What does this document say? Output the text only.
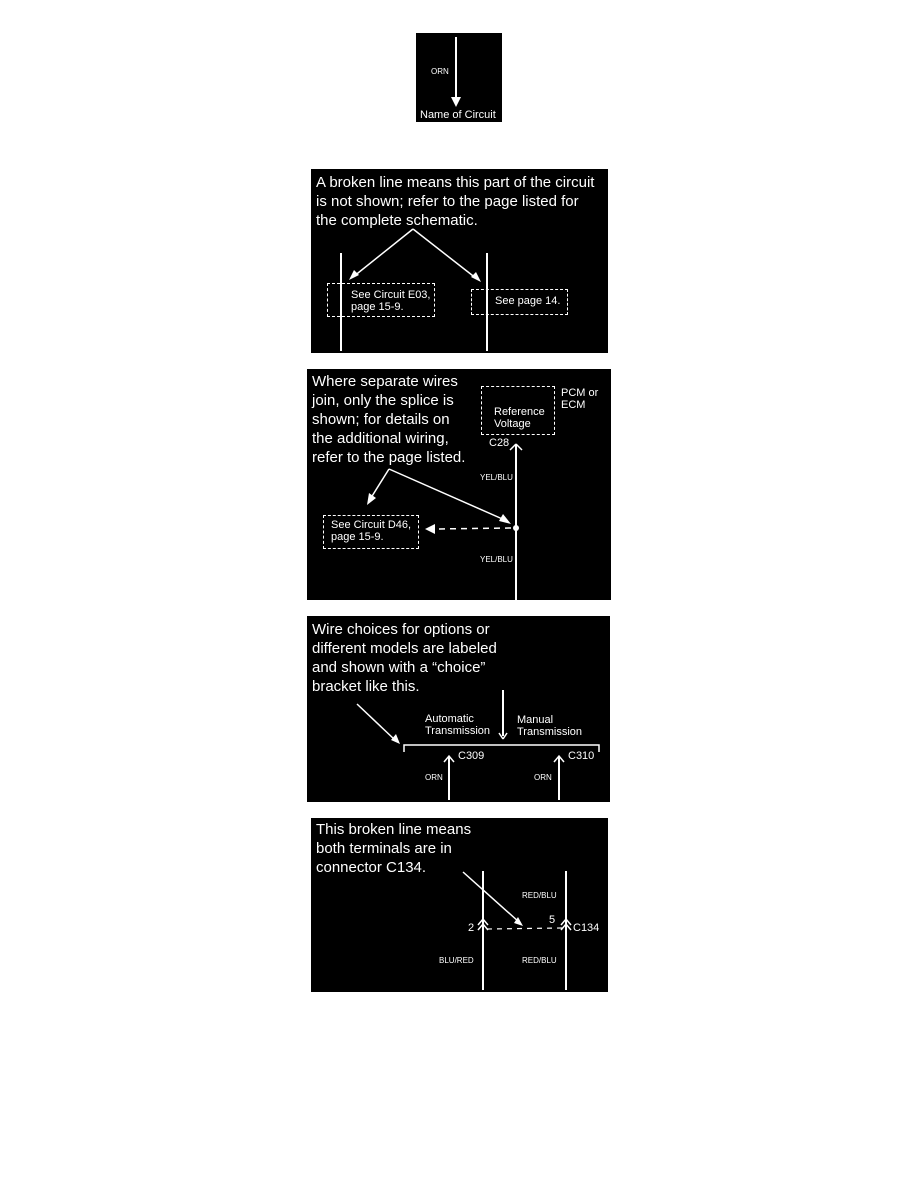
ORN
Name of Circuit

A broken line means this part of the circuit is not shown; refer to the page listed for the complete schematic.

See Circuit E03,
page 15-9.	See page 14.

Where separate wires join, only the splice is shown; for details on the additional wiring, refer to the page listed.

PCM or
ECM
Reference
Voltage
C28
YEL/BLU
YEL/BLU
See Circuit D46,
page 15-9.

Wire choices for options or different models are labeled and shown with a “choice” bracket like this.

Automatic
Transmission
Manual
Transmission
C309	C310
ORN	ORN

This broken line means both terminals are in connector C134.

RED/BLU
2
5
C134
BLU/RED	RED/BLU
